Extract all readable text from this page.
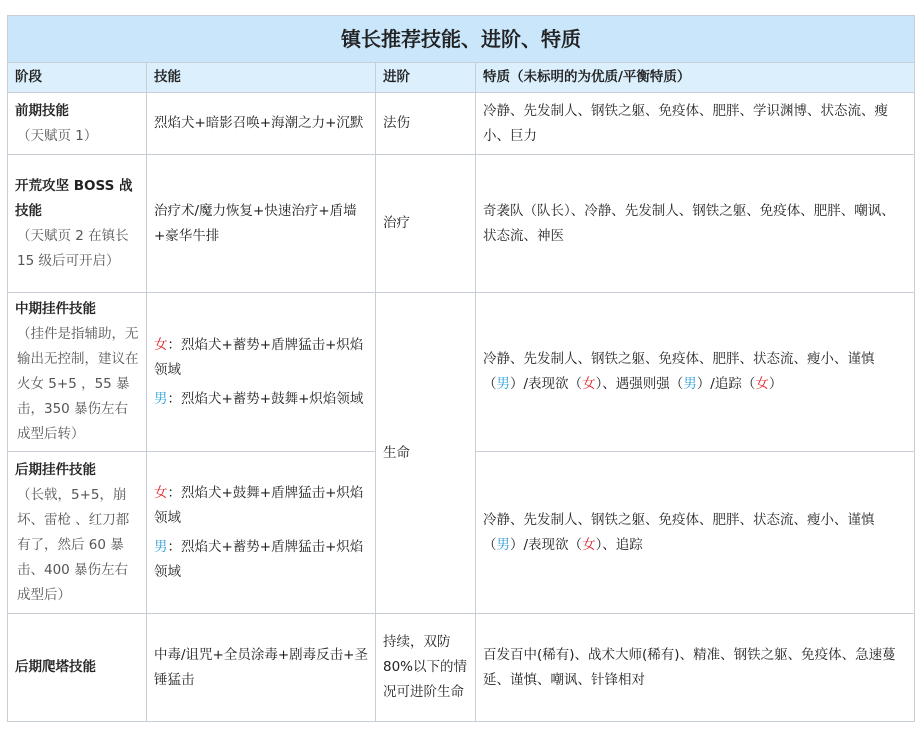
镇长推荐技能、进阶、特质			
阶段	技能	进阶	特质（未标明的为优质/平衡特质）

前期技能
（天赋页 1）	烈焰犬+暗影召唤+海潮之力+沉默	法伤	冷静、先发制人、钢铁之躯、免疫体、肥胖、学识渊博、状态流、瘦小、巨力

开荒攻坚 BOSS 战技能
（天赋页 2 在镇长 15 级后可开启）	治疗术/魔力恢复+快速治疗+盾墙+豪华牛排	治疗	奇袭队（队长）、冷静、先发制人、钢铁之躯、免疫体、肥胖、嘲讽、状态流、神医

中期挂件技能
（挂件是指辅助，无输出无控制，建议在火女 5+5 ，55 暴击，350 暴伤左右成型后转）	女：烈焰犬+蓄势+盾牌猛击+炽焰领域
男：烈焰犬+蓄势+鼓舞+炽焰领域	生命	冷静、先发制人、钢铁之躯、免疫体、肥胖、状态流、瘦小、谨慎（男）/表现欲（女）、遇强则强（男）/追踪（女）

后期挂件技能
（长戟，5+5，崩坏、雷枪 、红刀都有了，然后 60 暴击、400 暴伤左右成型后）	女：烈焰犬+鼓舞+盾牌猛击+炽焰领域
男：烈焰犬+蓄势+盾牌猛击+炽焰领域		冷静、先发制人、钢铁之躯、免疫体、肥胖、状态流、瘦小、谨慎（男）/表现欲（女）、追踪

后期爬塔技能	中毒/诅咒+全员涂毒+剧毒反击+圣锤猛击	持续，双防 80%以下的情况可进阶生命	百发百中(稀有)、战术大师(稀有)、精准、钢铁之躯、免疫体、急速蔓延、谨慎、嘲讽、针锋相对
